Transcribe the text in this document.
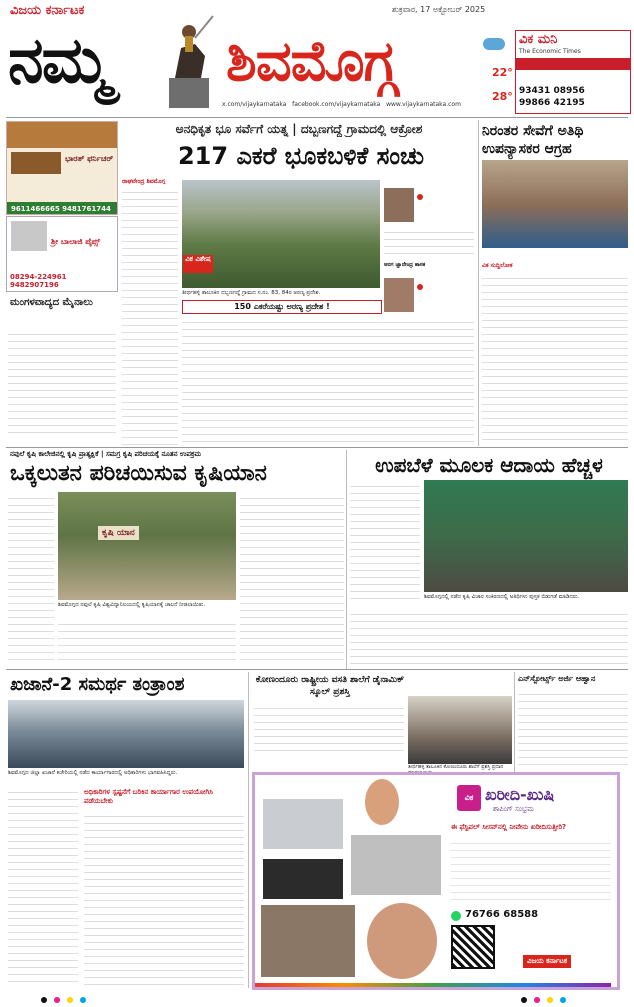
ವಿಜಯ ಕರ್ನಾಟಕ
ನಮ್ಮ ಶಿವಮೊಗ್ಗ
ಶುಕ್ರವಾರ, 17 ಅಕ್ಟೋಬರ್ 2025
x.com/vijaykarnataka facebook.com/vijaykarnataka www.vijaykarnataka.com
22°
28°
ವಿಕ ಮನಿ
The Economic Times
93431 08956
99866 42195
ಭಾರತ್ ಫರ್ನಿಚರ್
9611466665 9481761744
ಶ್ರೀ ಬಾಲಾಜಿ ಪೈಪ್ಸ್
08294-224961 9482907196
ಮಂಗಳವಾದ್ಯದ ಮೈನಾಲು
ಅನಧಿಕೃತ ಭೂ ಸರ್ವೆಗೆ ಯತ್ನ | ದಬ್ಬಣಗದ್ದೆ ಗ್ರಾಮದಲ್ಲಿ ಆಕ್ರೋಶ
217 ಎಕರೆ ಭೂಕಬಳಿಕೆ ಸಂಚು
ರಾಘವೇಂದ್ರ ಶಿವಮೊಗ್ಗ
ವಿಕ ವಿಶೇಷ
ತೀರ್ಥಹಳ್ಳಿ ತಾಲೂಕಿನ ದಬ್ಬಣಗದ್ದೆ ಗ್ರಾಮದ ಸ.ನಂ. 83, 84ರ ಅರಣ್ಯ ಪ್ರದೇಶ.
ಆರಗ ಜ್ಞಾನೇಂದ್ರ ಶಾಸಕ
150 ಎಕರೆಯಷ್ಟು ಅರಣ್ಯ ಪ್ರದೇಶ !
ನಿರಂತರ ಸೇವೆಗೆ ಅತಿಥಿ ಉಪನ್ಯಾಸಕರ ಆಗ್ರಹ
ವಿಕ ಸುದ್ದಿಲೋಕ
ನವುಲೆ ಕೃಷಿ ಕಾಲೇಜಿನಲ್ಲಿ ಕೃಷಿ ಪ್ರಾತ್ಯಕ್ಷಿಕೆ | ಸಮಗ್ರ ಕೃಷಿ ಪರಿಚಯಕ್ಕೆ ನೂತನ ಉಪಕ್ರಮ
ಒಕ್ಕಲುತನ ಪರಿಚಯಿಸುವ ಕೃಷಿಯಾನ
ಕೃಷಿ ಯಾನ
ಶಿವಮೊಗ್ಗದ ನವುಲೆ ಕೃಷಿ ವಿಶ್ವವಿದ್ಯಾನಿಲಯದಲ್ಲಿ ಕೃಷಿಯಾನಕ್ಕೆ ಚಾಲನೆ ನೀಡಲಾಯಿತು.
ಉಪಬೆಳೆ ಮೂಲಕ ಆದಾಯ ಹೆಚ್ಚಳ
ಶಿವಮೊಗ್ಗದಲ್ಲಿ ನಡೆದ ಕೃಷಿ ವಿಚಾರ ಸಂಕಿರಣದಲ್ಲಿ ಅತಿಥಿಗಳು ಪುಸ್ತಕ ಬಿಡುಗಡೆ ಮಾಡಿದರು.
ಖಜಾನೆ-2 ಸಮರ್ಥ ತಂತ್ರಾಂಶ
ಶಿವಮೊಗ್ಗದ ಜಿಲ್ಲಾ ಖಜಾನೆ ಕಚೇರಿಯಲ್ಲಿ ನಡೆದ ಕಾರ್ಯಾಗಾರದಲ್ಲಿ ಅಧಿಕಾರಿಗಳು ಭಾಗವಹಿಸಿದ್ದರು.
ಅಧಿಕಾರಿಗಳ ಸ್ಪಷ್ಟನೆಗೆ ಬರಿಕಿನ ಕಾರ್ಯಾಗಾರ ಉಪಯೋಗಿಸಿ ಪಡೆಯಬೇಕು
ಕೋಣಂದೂರು ರಾಷ್ಟ್ರೀಯ ವಸತಿ ಶಾಲೆಗೆ ಡೈನಾಮಿಕ್ ಸ್ಕೂಲ್ ಪ್ರಶಸ್ತಿ
ತೀರ್ಥಹಳ್ಳಿ ತಾಲೂಕಿನ ಕೋಣಂದೂರು ಶಾಲೆಗೆ ಪ್ರಶಸ್ತಿ ಪ್ರದಾನ
ಎನ್‌ಸ್ಪೋರ್ಟ್ಸ್ ಅರ್ಜಿ ಆಹ್ವಾನ
ವಿಕ ಖರೀದಿ-ಖುಷಿ
ಶಾಪಿಂಗ್ ಸಂಭ್ರಮ
ಈ ಫೆಸ್ಟಿವಲ್ ಸೀಸನ್‌ನಲ್ಲಿ ನೀವೇನು ಖರೀದಿಸುತ್ತೀರಿ?
76766 68588
ವಿಜಯ ಕರ್ನಾಟಕ
